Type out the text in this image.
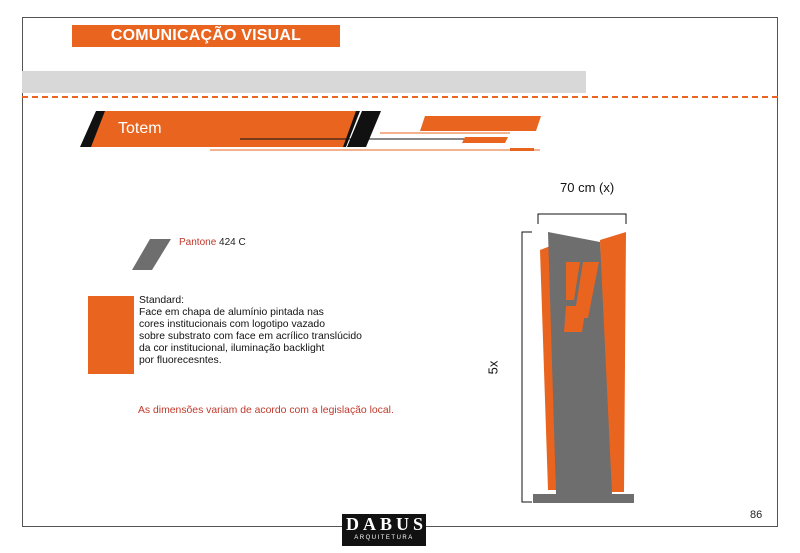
COMUNICAÇÃO VISUAL
Totem
Pantone 424 C
Standard:
Face em chapa de alumínio pintada nas
cores institucionais com logotipo vazado
sobre substrato com face em acrílico translúcido
da cor institucional, iluminação backlight
por fluorecesntes.
As dimensões variam de acordo com a legislação local.
70 cm (x)
5x
86
DABUS
ARQUITETURA
